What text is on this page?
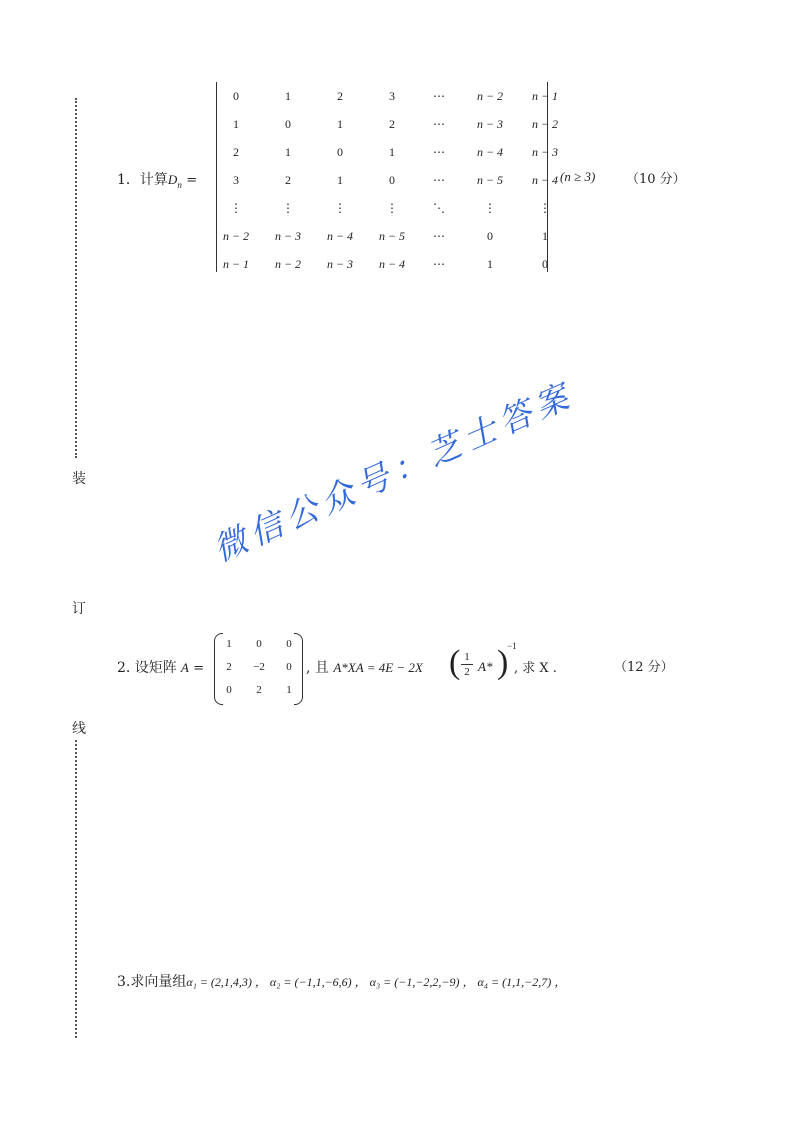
装
订
线
1．计算$D_n$ =
0	1	2	3	⋯	n − 2	n − 1
1	0	1	2	⋯	n − 3	n − 2
2	1	0	1	⋯	n − 4	n − 3
3	2	1	0	⋯	n − 5	n − 4
⋮	⋮	⋮	⋮	⋱	⋮	⋮
n − 2	n − 3	n − 4	n − 5	⋯	0	1
n − 1	n − 2	n − 3	n − 4	⋯	1	0
(n ≥ 3) （10 分）
微信公众号：芝士答案
2. 设矩阵 A =
1	0	0
2	−2	0
0	2	1
, 且 A*XA = 4E − 2X ( 1
2 A* )
−1
, 求 X .	（12 分）
3.求向量组α₁ = (2,1,4,3) ， α₂ = (−1,1,−6,6) ， α₃ = (−1,−2,2,−9) ， α₄ = (1,1,−2,7) ，
